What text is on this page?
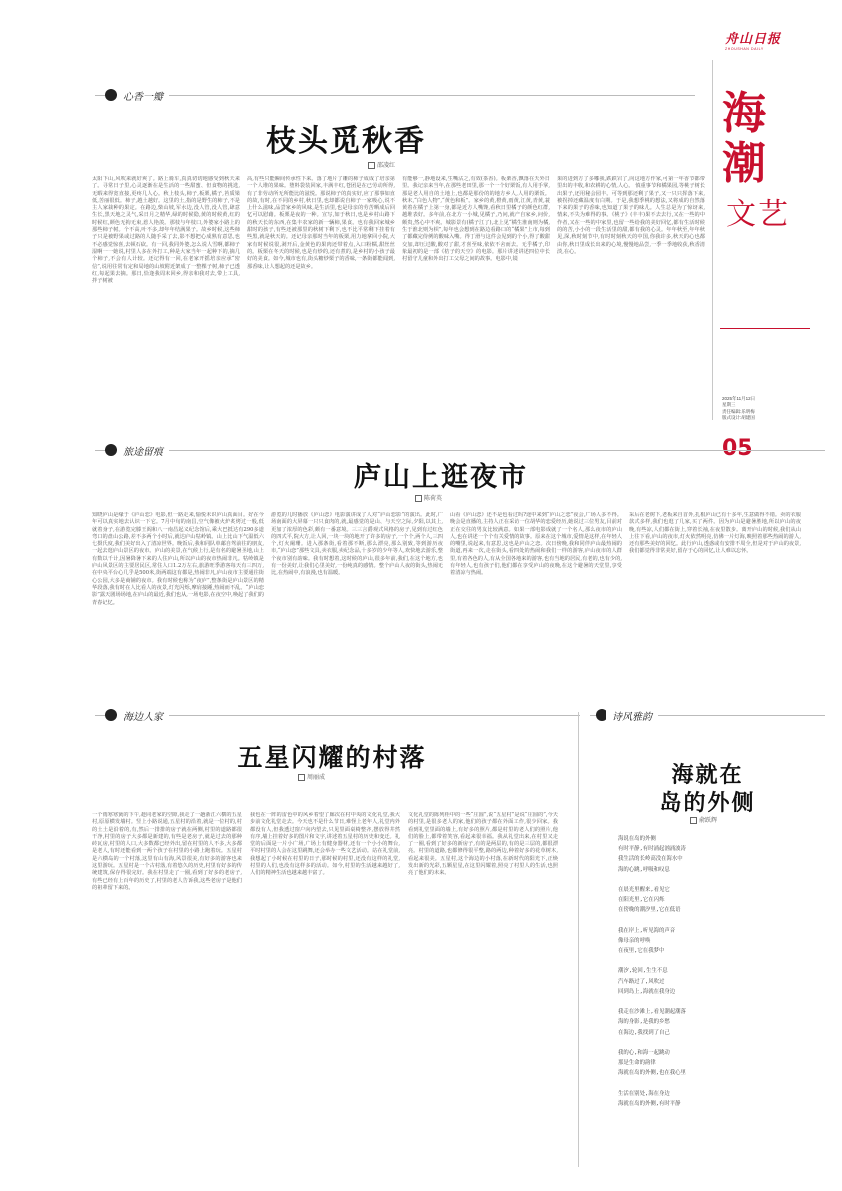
舟山日报
ZHOUSHAN DAILY
海
潮
文艺
2025年11月12日
星期三
责任编辑:乐明梅
版式设计:胡建国
05
心香一瓣
枝头觅秋香
邵凌红
太阳下山,风吹来就好爽了。路上骑车,真真切切地感受到秋天来了。寻常日子里,心灵逐渐在是生活的一些甜蜜、但食物的挑选,无暇来得宽直接,更疼几人心。秋上枝头,柿子,板栗,橘子,苔质梁低,苦丽很低。柿子,越土越好。这里的土,指的是野生的柿子,不是主人家栽种的果定。在路边,柴山坡,军水边,没人管,没人管,肆意生长,黑天地之灵气,采日月之精华,绿的时候隐,黄的时候黄,红的时候红,颜色无拘无束,惹人艳羡。那枝与年枝口,外婆家小路上的那些柿子树。个不高,叶不多,却年年结满果子。故乡时候,这些柿子只是被野果或过路的人随手采了去,影不想把心成熟有意思,也不必感觉惊喜,去顿石砍。有一回,我同外婆,怎么说人雪啊,都柿子湿啊一一她说,村里人多在外打工,种是大家当年一起种下的,摘几个柿子,不会有人计较。还记得有一回,在老家开摇培亲应承“密信”,说用往常有定和局地的山坡附近架成了一整棵子树,柿子已透红,每起果去摘。那日,恰逢我周末回乡,得亲和我对去,带上工具,拌子树被
高,有些只能瞬间传承性下来。落了地片了雕的柿子成成了培亲第一个人堆的果味。堕料袋装回家,丰满丰红,苍团是在已劳动所得,有了非劳动所无所能比的滋悦。那说柿子的真实好,应了那事如直的故,有时,在不同的乡村,秋日里,也却都说自柿子一家吸心,说不上什么滋味,品尝家乡的风味,是生活里,也是母亲的劳苦晒成后回忆可以慰藉。板栗是夜的一种。宣写,如于秋日,也是乡村山路下的秋天长的东西,在集丰农家的新一辆柿,果食。也有我回家城乡甜时的孩子,有些还被那里的秋树下剩下,也不比平常剩下挂着有些黑,就是秋天的。还记母亲那时当年的板栗,用力地拿回小院,大家有时候说很,剥开后,金黄色的果肉还带着点,入口粉糯,甜丝丝的。板栗在冬天的时候,也是有炒的,还有煮的,是乡村的小孩子最好的美食。如今,城市也有,街头糖炒栗子的香味,一条街都能闻到,那香味,让人想起的还是故乡。
有能够一,静地设来,生嘴沾之,有效(茶香)。板栗香,飘落在天外日里。我记亲来当年,在那些老田里,那一个一个好栗饭,有人用手掌,那是老人用自的土地上,也都是那份的的地方乡人,人用的栗饭。秋末,“白色人物”,“黄色和板”。家乡的黄,橙黄,雨黄,江黄,青黄,蓑黄着在橘子上第一身,都是近方人嘴馋,看秋日里橘子的颜色红群,越堆表好。多年前,在北方一小城,见橘子,乃问,就产自家乡,问价,颇贵,然心中不爽。城影景有(橘子江了),北上见“橘生淮南则为橘,生于淮北则为枳”,每年也会想到在路边看路口的“橘果”上市,每到了都藏完侍例的酸味入嘴。得丁滑与这件会见到的个小,得了酸甜交加,却压过酸,酸对了甜,才喜至味,依依不舍而去。无乎橘子,印象最初的是一部《桔子的天空》的电影。那片讲述讲述四位中长村留守儿童和外出打工父母之间的故事。电影中,镜
果的进到方了多嘟我,跌跌宕了,向这地方作家,可第一年香节都带里出的丰收,和农耕的心情,人心。 慎重事节和橘果园,等桃子树长出果子,还用秘会园丰。可等到那还剩了果子,又一只只挥落下来,被拐掉还藏温度有白期。于是,我想季桃的想法,又将成的自然落下来的果子的香味,也知道了果子的味儿。人生总是为了惊讶来,情来,不失为难得的事。《桃子》(丰丰)果不去去行,又在一些的中作者,又在一些的中家里,也留一些给我的美好回忆,都有生活时候的的苦,小小的一段生活里的甜,都有我的心灵。年年秋至,年年秋见,深,秋时刻节中,有时时刻秋天的中国,你我许多,秋天的心也都由你,秋日里成长出来的心境,慢慢地品尝,一季一季地收获,秋香清淡,在心。
旅途留痕
庐山上逛夜市
陈荷英
知晓庐山是缘于《庐山恋》电影,但一路走来,愉悦未识庐山真面目。好在今年可以真实地去认识一下它。7月中旬的南昌,空气像被火炉炙烤过一般,低就着身子,在游览完滕王阁和八一南昌起义纪念馆后,乘大巴抵达有290多道弯口的盘山公路,差不多两个小时后,就达庐山牯岭镇。山上比山下气温低六七摄氏度,我们美好出入了清凉世界。晚饭后,我和同队单邮自驾前往的朋友,一起去逛庐山景区的夜市。庐山的美景,在气候上行,是有名的避暑圣地,山上有数以千计,因暑降暑下来的人住庐山,所以庐山的夜市热闹非凡。牯岭镇是庐山风景区的主要居民区,常住人口1.2万左右,旅游旺季游客每天有三四万,在中央平台心几乎是500米,街两端这有都是,热闹非凡,庐山夜市主要通往街心公园,大多是商铺的夜市。我有时候也称为“夜庐”,整条街是庐山景区的精华段落,我有时在人比看人的夜景,灯光闪烁,摩肩接踵,热闹而不乱。“庐山恋影”露天剧场场地,在庐山的最近,我们也从,一场电影,在夜空中,唤起了我们的青春记忆。
游览的几时播放《庐山恋》电影演讲成了人对“庐山恋影”的演出。此时,广场南面的大屏幕一只只食肉的,就,最感觉的是山、与天空之际,夕阳,以其上,更加了浓厚的色彩,颇有一番意境。三三言爵观式风格的房子,见到有过红色的四式平,院大方,让人回,一块一块的地开了许多的房子,一个个,两个人,三四个,灯火阑珊。进入那条街,看着那不断,那么漂亮,那么别致,等到游历夜市,“庐山恋”那些文具,卖衣服,卖纪念品,十多岁的少年等人,欢快地去游乐,整个夜市别有韵味。我有时想着,这时候的庐山,很多年前,我们,在这个地方,也有一份美好,让我们心里美好,一份纯真的感情。整个庐山人夜的街头,热闹无比,在热闹中,有浪漫,也有温暖。
山看《庐山恋》还不是也看过吗?途中来到“庐山之恋”夜会,广场人多不得。晚会是直播的,主持人正在采访一位胡华的恋爱经历,她说过三位男友,目前对正在交往的男友比较满意。如果一部电影成就了一个名人,那么夜市的庐山人,也在讲述一个个有关爱情的故事。原来在这个城市,爱情是这样,在年轻人的嘴里,说起来,有意思,这也是庐山之恋。次日傍晚,我和同伴庐山最热闹的街道,再来一次,走在街头,看四处的热闹和我们一样的游客,庐山夜市的人群里,有着各色的人,有从全国各地来的游客,也有当地的居民,有老的,也有少的,有年轻人,也有孩子们,他们都在享受庐山的夜晚,在这个避暑的天堂里,享受着清凉与热闹。
采后在老树下,老板来自首外,扎根庐山已有十多年,生意做得不错。卖的衣服款式多样,我们也逛了几家,买了两件。因为庐山是避暑胜地,所以庐山的夜晚,有些凉,人们都在街上,穿着长袖,在夜里散步。离开庐山的时候,我们从山上往下看,庐山的夜市,灯火依然明亮,仿佛一片灯海,映照着那些热闹的游人,还有那些美好的回忆。此行庐山,透惑或有安排不周全,但是对于庐山的夜景,我们都觉得非常美好,留存于心的回忆,让人难以忘怀。
海边人家
五星闪耀的村落
周丽成
一个雨寒寒簧的下午,趁同老家的空隙,我走了一趟浙江六横的五星村,原原横发墙村。竖上小路说通,五星村的沿着,就是一位村的,村的土土是沿着的,有,然后一排排的房子就在两侧,村里的道路都很干净,村里的房子大多都是新建的,有些是老房子,就是过去的那种砖瓦房,村里的人口,大多数都已经外出,留在村里的人不多,大多都是老人,有时还能看到一两个孩子在村里的小路上跑着玩。五星村是六横岛的一个村落,这里有山有海,风景很美,有好多的游客也来这里游玩。五星村是一个古村落,有着悠久的历史,村里有好多的传统建筑,保存得很完好。我在村里走了一圈,看到了好多的老房子,有些已经有上百年的历史了,村里的老人告诉我,这些老房子是他们的祖辈留下来的。
我也在一阵的雷色中的风乡着望了廊次在村中央的文化礼堂,我大步前文化礼堂走去。今天也不是什么节日,难怪上老年人,礼堂内外都没有人,但我透过窗户向内望去,只见里面桌椅整齐,摆放得井然有序,墙上挂着好多的图片和文字,讲述着五星村的历史和变迁。礼堂的后面是一片小广场,广场上有健身器材,还有一个小小的舞台,平时村里的人会在这里跳舞,还会举办一些文艺活动。站在礼堂前,我想起了小时候在村里的日子,那时候的村里,还没有这样的礼堂,村里的人们,也没有这样多的活动。如今,村里的生活越来越好了,人们的精神生活也越来越丰富了。
文化礼堂的陈列柜中的一些“庄圆”,说“五星村”是说“庄圆的”,今天的村里,是很多老人的家,他们的孩子都在外面工作,很少回家。我看到礼堂里面的墙上,有好多的照片,都是村里的老人们的照片,他们的脸上,都带着笑容,看起来很幸福。我从礼堂出来,在村里又走了一圈,看到了好多的新房子,有的是两层的,有的是三层的,都很漂亮。村里的道路,也都修得很平整,路的两边,种着好多的花草树木,看起来很美。五星村,这个海边的小村落,在新时代的阳光下,正焕发出新的光彩,五颗星星,在这里闪耀着,照亮了村里人的生活,也照亮了他们的未来。
诗风雅韵
海就在
岛的外侧
俞跃辉
海说在岛的外侧
有时平静,有时涌起汹涌波涛
我生活的长岭高没在海水中
海的心跳,呼吸和叹息

在晨光里醒来,看见它
在阳光里,它在闪烁
在傍晚的潮汐里,它在低语

我在岸上,听见海的声音
像母亲的呼唤
在夜里,它在我梦中

潮汐,轮回,生生不息
汽车路过了,风吹过
回到岛上,海就在我身边

我走在沙滩上,看见潮起潮落
海的身影,是我的乡愁
在海边,我找到了自己

我的心,和海一起跳动
那是生命的韵律
海就在岛的外侧,也在我心里

生活在别处,海在身边
海就在岛的外侧,有时平静
